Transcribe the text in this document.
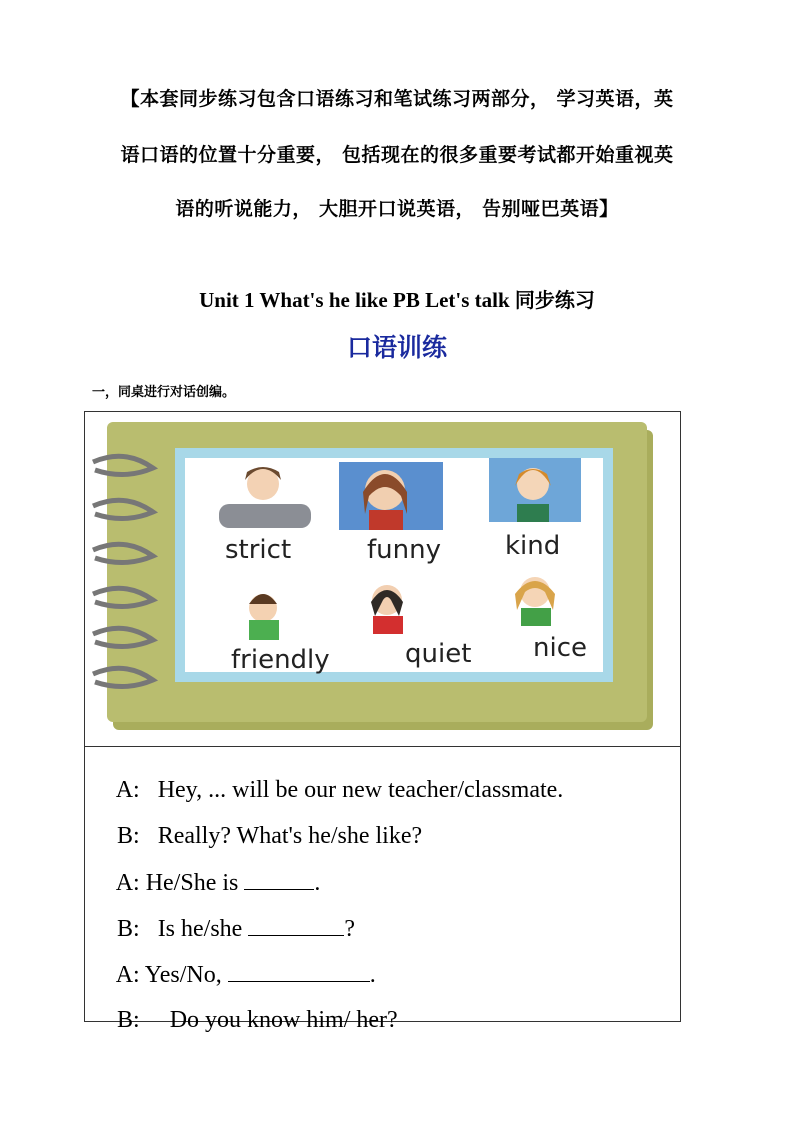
【本套同步练习包含口语练习和笔试练习两部分， 学习英语，英
语口语的位置十分重要， 包括现在的很多重要考试都开始重视英
语的听说能力， 大胆开口说英语， 告别哑巴英语】
Unit 1 What's he like PB Let's talk 同步练习
口语训练
一，同桌进行对话创编。
strict	funny kind
friendly	quiet nice

A: Hey, ... will be our new teacher/classmate.

B: Really? What's he/she like?

A: He/She is	.

B: Is he/she	?

A: Yes/No,	.

B: Do you know him/ her?
